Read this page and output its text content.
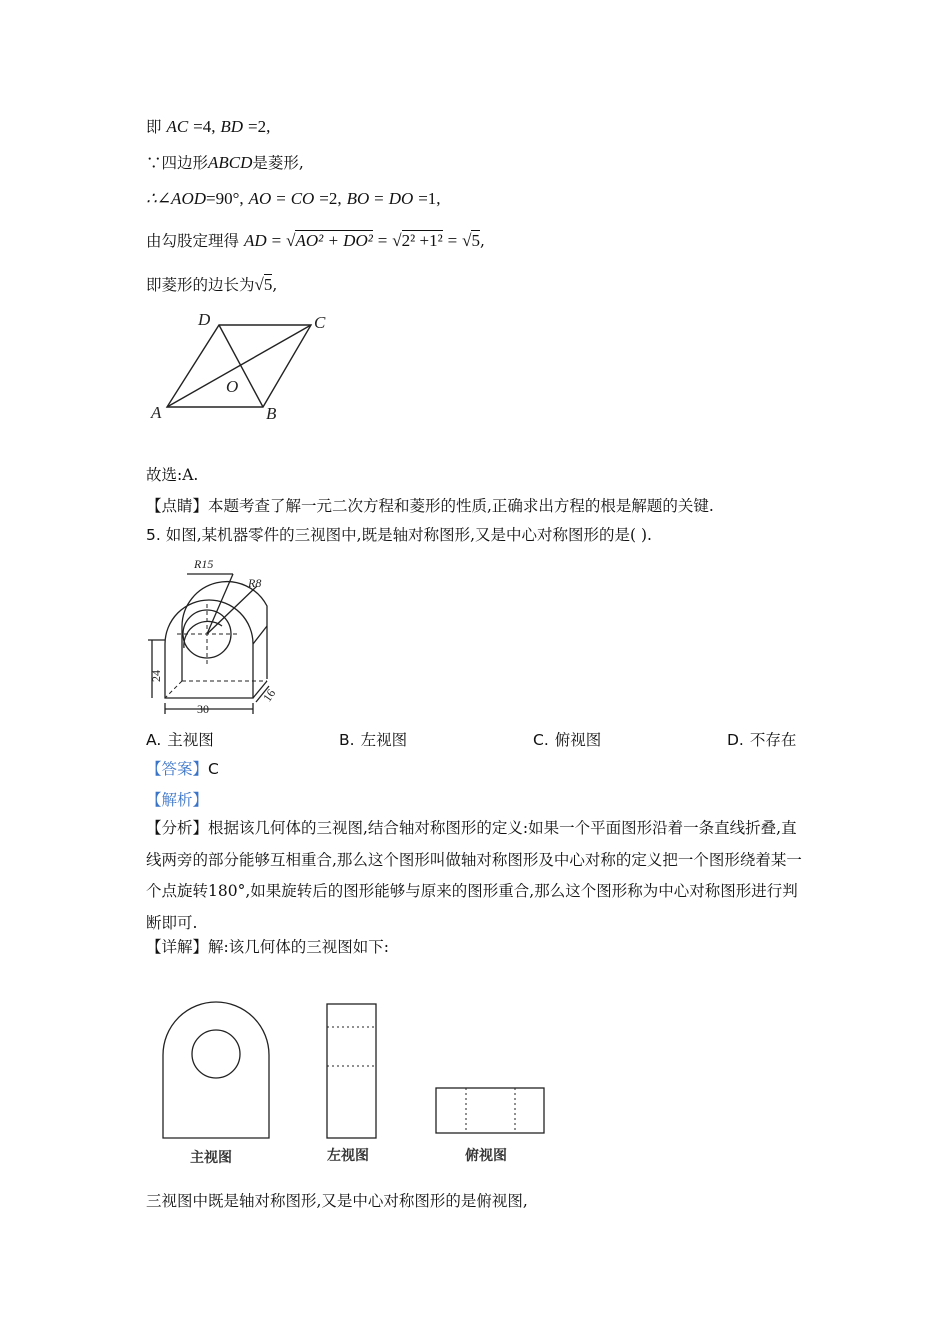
即 AC =4, BD =2,
∵四边形ABCD是菱形,
∴∠AOD=90°, AO = CO =2, BO = DO =1,
由勾股定理得 AD = √AO² + DO² = √2² +1² = √5,
即菱形的边长为√5,
D	C
O
A	B
故选:A.
【点睛】本题考查了解一元二次方程和菱形的性质,正确求出方程的根是解题的关键.
5. 如图,某机器零件的三视图中,既是轴对称图形,又是中心对称图形的是( ).
R15
R8
24
30
16
A. 主视图	B. 左视图	C. 俯视图	D. 不存在
【答案】C
【解析】
【分析】根据该几何体的三视图,结合轴对称图形的定义:如果一个平面图形沿着一条直线折叠,直线两旁的部分能够互相重合,那么这个图形叫做轴对称图形及中心对称的定义把一个图形绕着某一个点旋转180°,如果旋转后的图形能够与原来的图形重合,那么这个图形称为中心对称图形进行判断即可.
【详解】解:该几何体的三视图如下:
主视图	左视图	俯视图
三视图中既是轴对称图形,又是中心对称图形的是俯视图,
